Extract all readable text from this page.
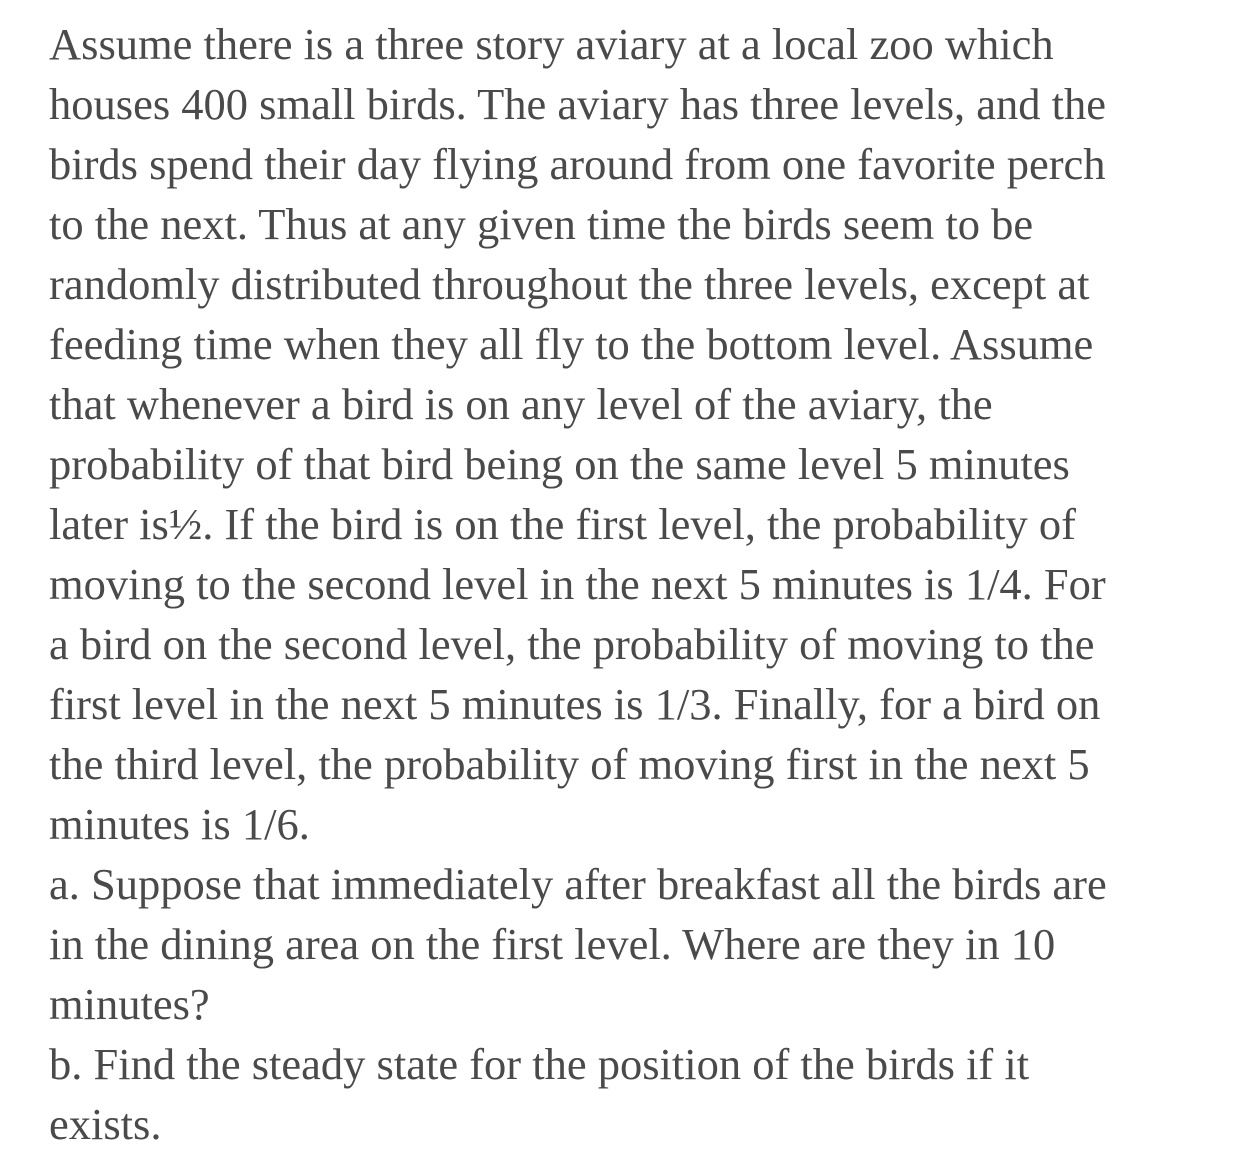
Assume there is a three story aviary at a local zoo which
houses 400 small birds. The aviary has three levels, and the
birds spend their day flying around from one favorite perch
to the next. Thus at any given time the birds seem to be
randomly distributed throughout the three levels, except at
feeding time when they all fly to the bottom level. Assume
that whenever a bird is on any level of the aviary, the
probability of that bird being on the same level 5 minutes
later is½. If the bird is on the first level, the probability of
moving to the second level in the next 5 minutes is 1/4. For
a bird on the second level, the probability of moving to the
first level in the next 5 minutes is 1/3. Finally, for a bird on
the third level, the probability of moving first in the next 5
minutes is 1/6.

a. Suppose that immediately after breakfast all the birds are
in the dining area on the first level. Where are they in 10
minutes?

b. Find the steady state for the position of the birds if it
exists.
